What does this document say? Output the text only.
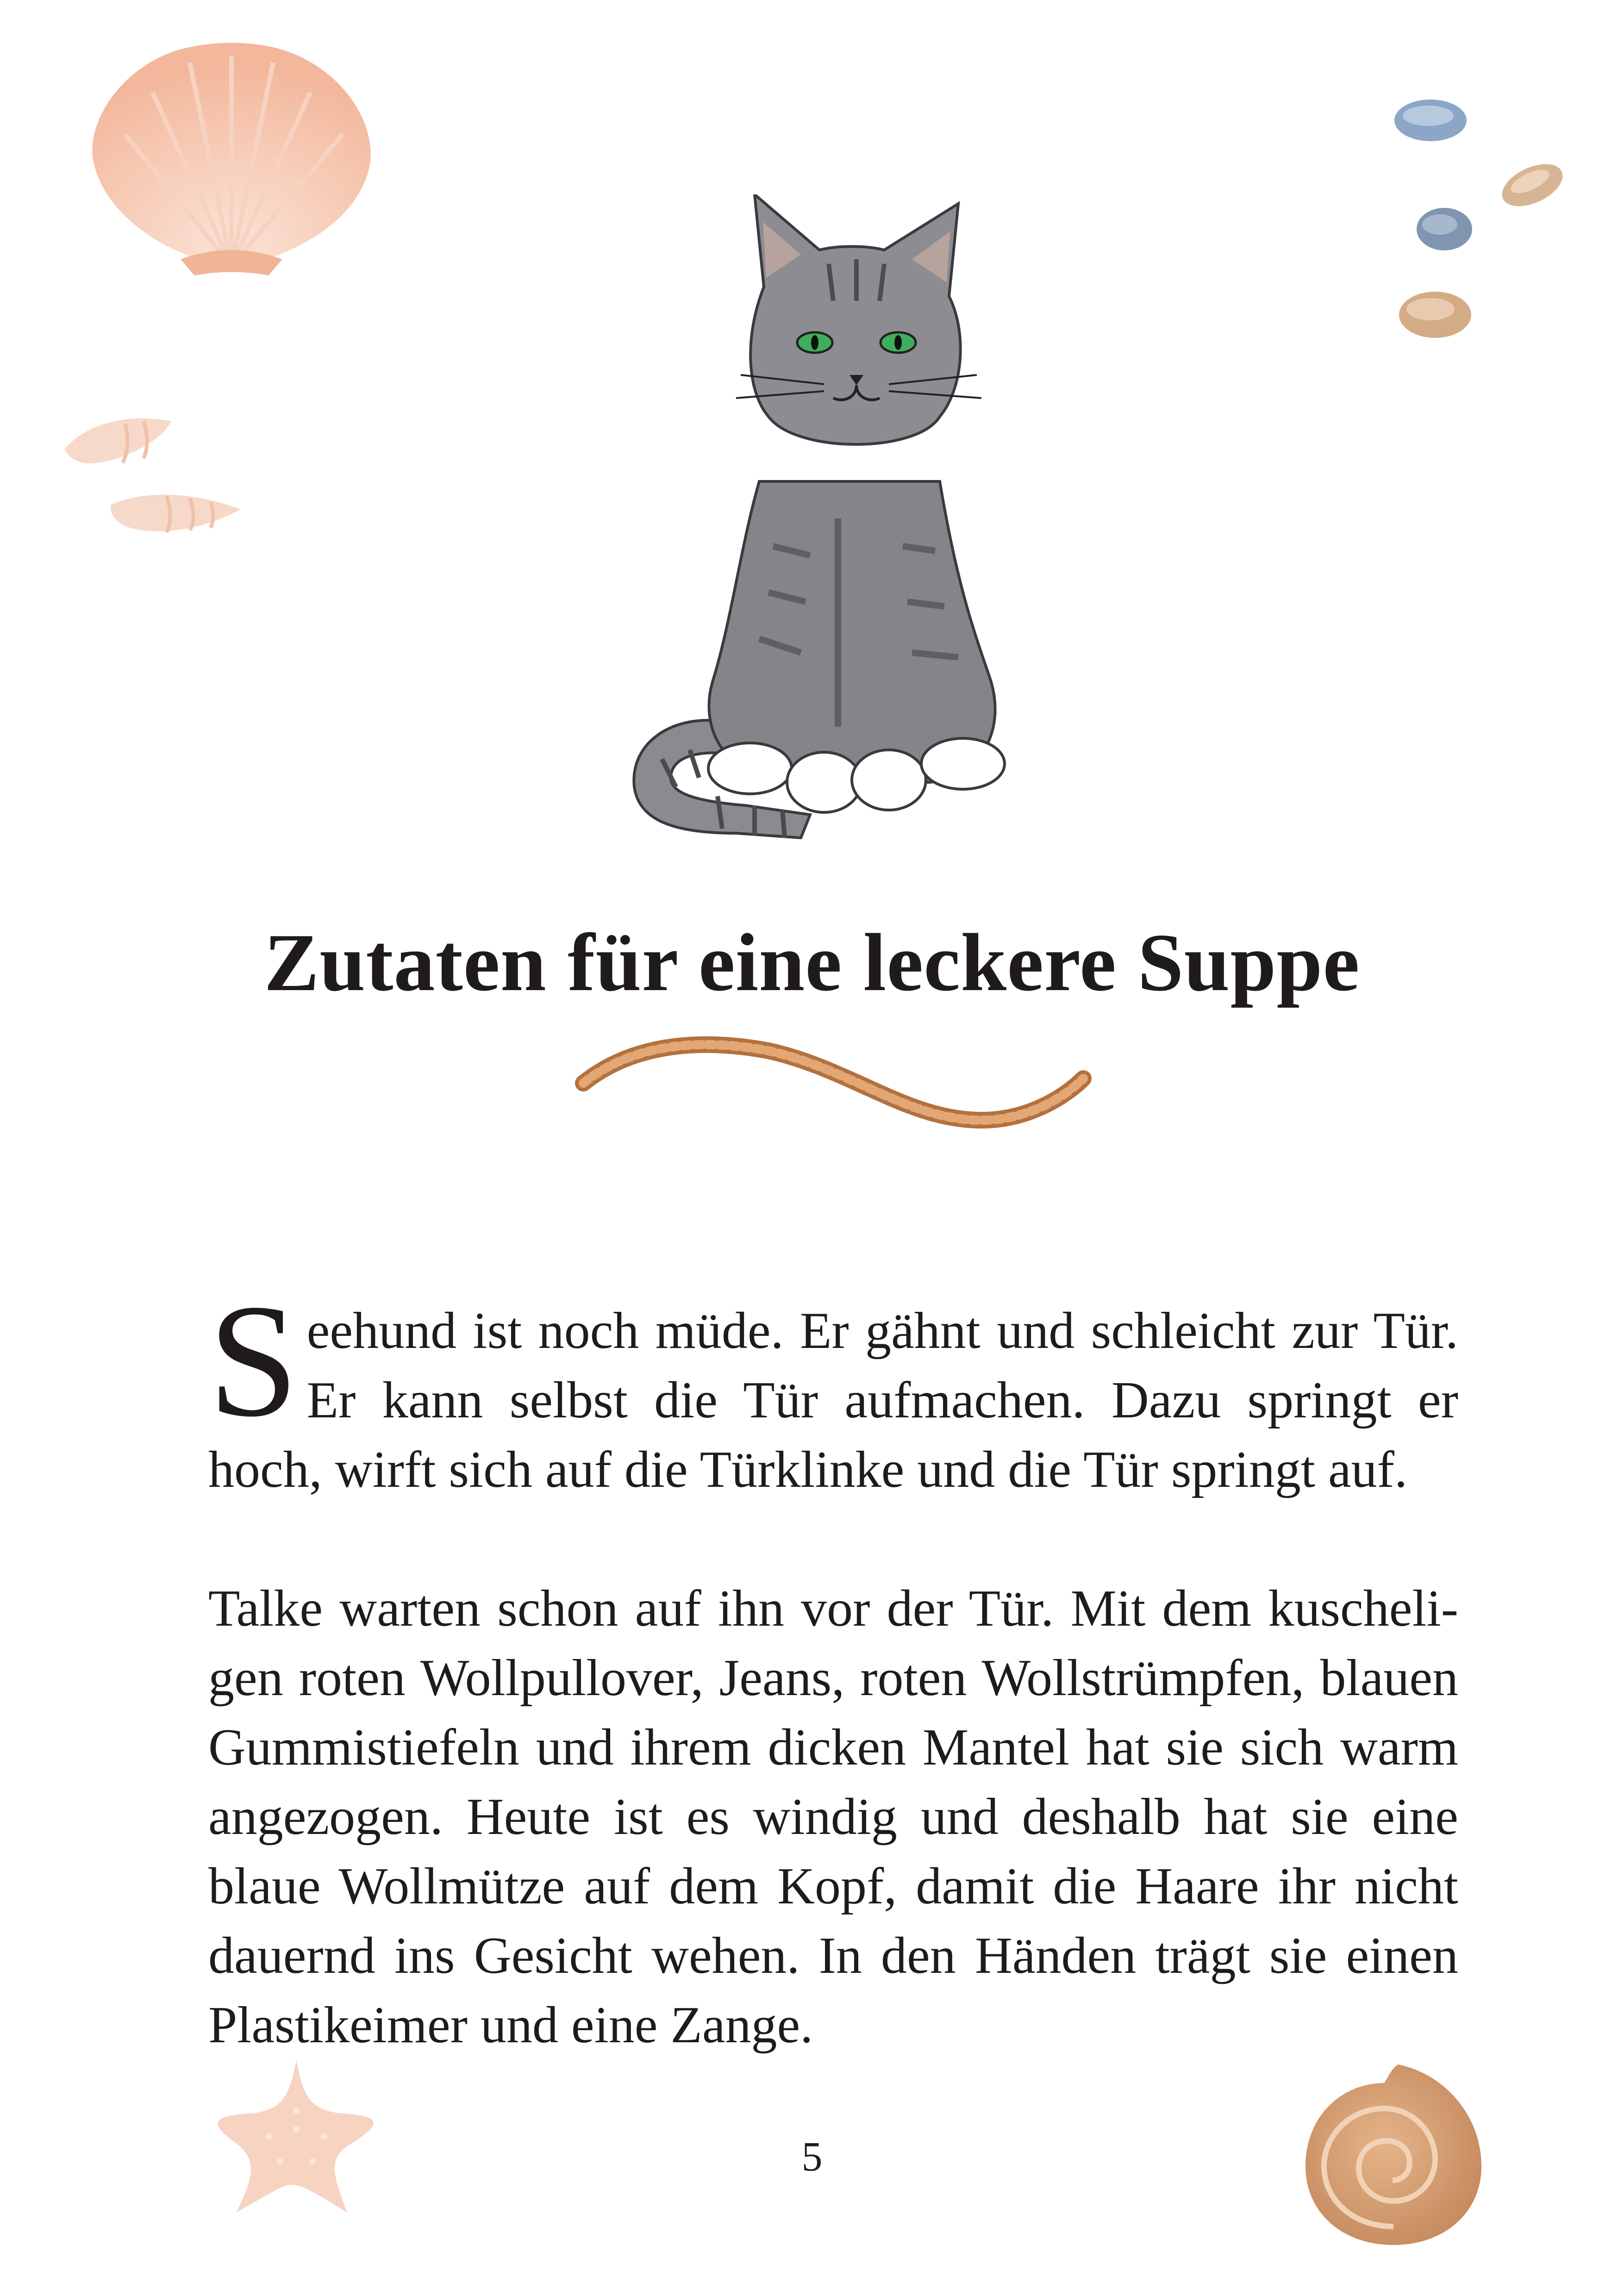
Zutaten für eine leckere Suppe
Seehund ist noch müde. Er gähnt und schleicht zur Tür. Er kann selbst die Tür aufmachen. Dazu springt er hoch, wirft sich auf die Türklinke und die Tür springt auf.
Talke warten schon auf ihn vor der Tür. Mit dem kuscheligen roten Wollpullover, Jeans, roten Wollstrümpfen, blauen Gummistiefeln und ihrem dicken Mantel hat sie sich warm angezogen. Heute ist es windig und deshalb hat sie eine blaue Wollmütze auf dem Kopf, damit die Haare ihr nicht dauernd ins Gesicht wehen. In den Händen trägt sie einen Plastikeimer und eine Zange.
5
